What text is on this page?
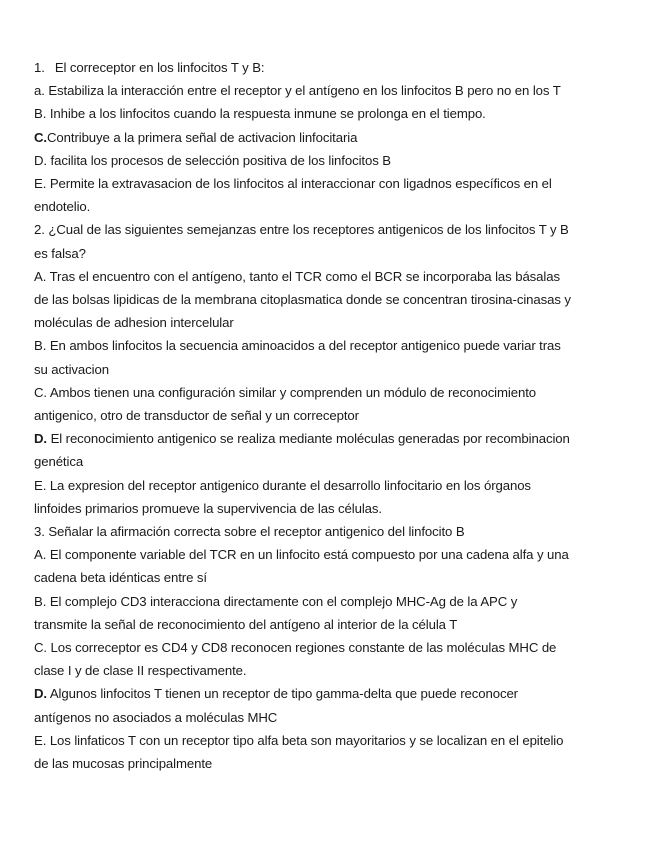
1. El correceptor en los linfocitos T y B:
a. Estabiliza la interacción entre el receptor y el antígeno en los linfocitos B pero no en los T
B. Inhibe a los linfocitos cuando la respuesta inmune se prolonga en el tiempo.
C.Contribuye a la primera señal de activacion linfocitaria
D. facilita los procesos de selección positiva de los linfocitos B
E. Permite la extravasacion de los linfocitos al interaccionar con ligadnos específicos en el
endotelio.
2. ¿Cual de las siguientes semejanzas entre los receptores antigenicos de los linfocitos T y B
es falsa?
A. Tras el encuentro con el antígeno, tanto el TCR como el BCR se incorporaba las básalas
de las bolsas lipidicas de la membrana citoplasmatica donde se concentran tirosina-cinasas y
moléculas de adhesion intercelular
B. En ambos linfocitos la secuencia aminoacidos a del receptor antigenico puede variar tras
su activacion
C. Ambos tienen una configuración similar y comprenden un módulo de reconocimiento
antigenico, otro de transductor de señal y un correceptor
D. El reconocimiento antigenico se realiza mediante moléculas generadas por recombinacion
genética
E. La expresion del receptor antigenico durante el desarrollo linfocitario en los órganos
linfoides primarios promueve la supervivencia de las células.
3. Señalar la afirmación correcta sobre el receptor antigenico del linfocito B
A. El componente variable del TCR en un linfocito está compuesto por una cadena alfa y una
cadena beta idénticas entre sí
B. El complejo CD3 interacciona directamente con el complejo MHC-Ag de la APC y
transmite la señal de reconocimiento del antígeno al interior de la célula T
C. Los correceptor es CD4 y CD8 reconocen regiones constante de las moléculas MHC de
clase I y de clase II respectivamente.
D. Algunos linfocitos T tienen un receptor de tipo gamma-delta que puede reconocer
antígenos no asociados a moléculas MHC
E. Los linfaticos T con un receptor tipo alfa beta son mayoritarios y se localizan en el epitelio
de las mucosas principalmente
